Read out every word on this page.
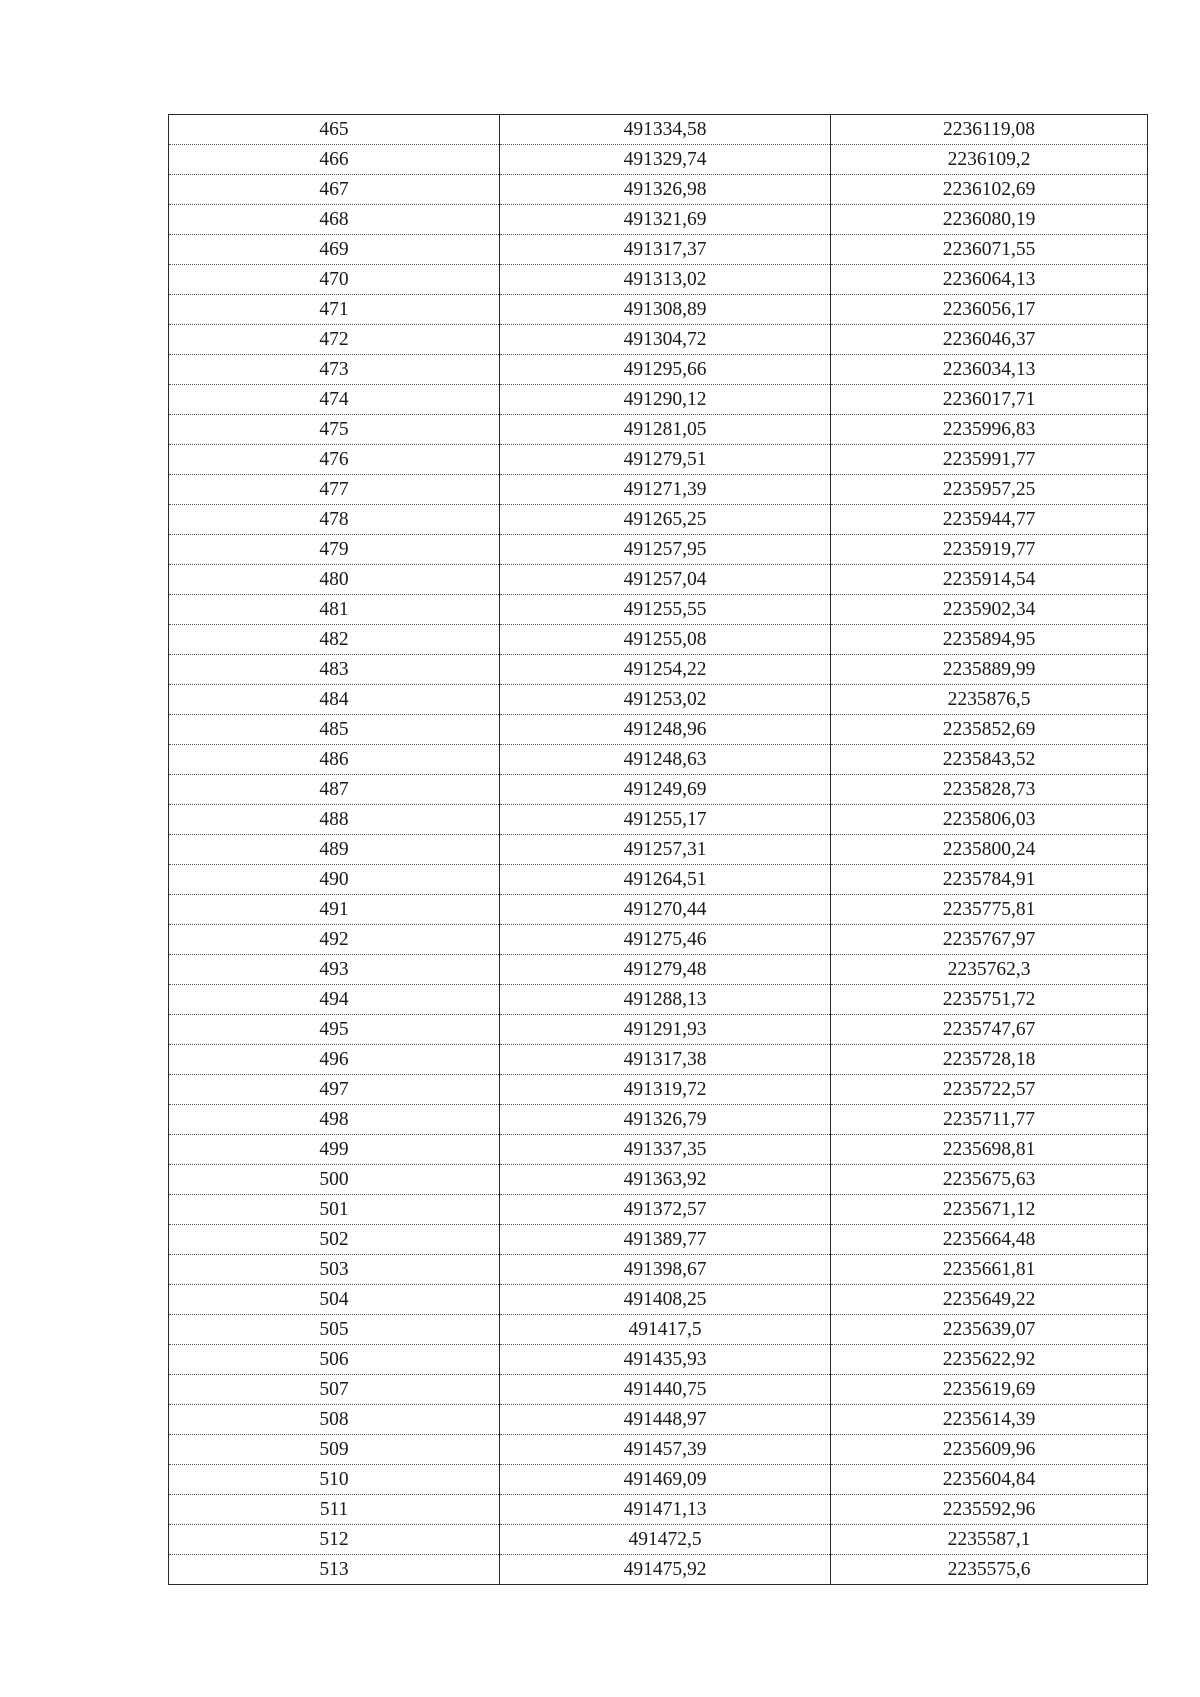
465	491334,58	2236119,08
466	491329,74	2236109,2
467	491326,98	2236102,69
468	491321,69	2236080,19
469	491317,37	2236071,55
470	491313,02	2236064,13
471	491308,89	2236056,17
472	491304,72	2236046,37
473	491295,66	2236034,13
474	491290,12	2236017,71
475	491281,05	2235996,83
476	491279,51	2235991,77
477	491271,39	2235957,25
478	491265,25	2235944,77
479	491257,95	2235919,77
480	491257,04	2235914,54
481	491255,55	2235902,34
482	491255,08	2235894,95
483	491254,22	2235889,99
484	491253,02	2235876,5
485	491248,96	2235852,69
486	491248,63	2235843,52
487	491249,69	2235828,73
488	491255,17	2235806,03
489	491257,31	2235800,24
490	491264,51	2235784,91
491	491270,44	2235775,81
492	491275,46	2235767,97
493	491279,48	2235762,3
494	491288,13	2235751,72
495	491291,93	2235747,67
496	491317,38	2235728,18
497	491319,72	2235722,57
498	491326,79	2235711,77
499	491337,35	2235698,81
500	491363,92	2235675,63
501	491372,57	2235671,12
502	491389,77	2235664,48
503	491398,67	2235661,81
504	491408,25	2235649,22
505	491417,5	2235639,07
506	491435,93	2235622,92
507	491440,75	2235619,69
508	491448,97	2235614,39
509	491457,39	2235609,96
510	491469,09	2235604,84
511	491471,13	2235592,96
512	491472,5	2235587,1
513	491475,92	2235575,6
